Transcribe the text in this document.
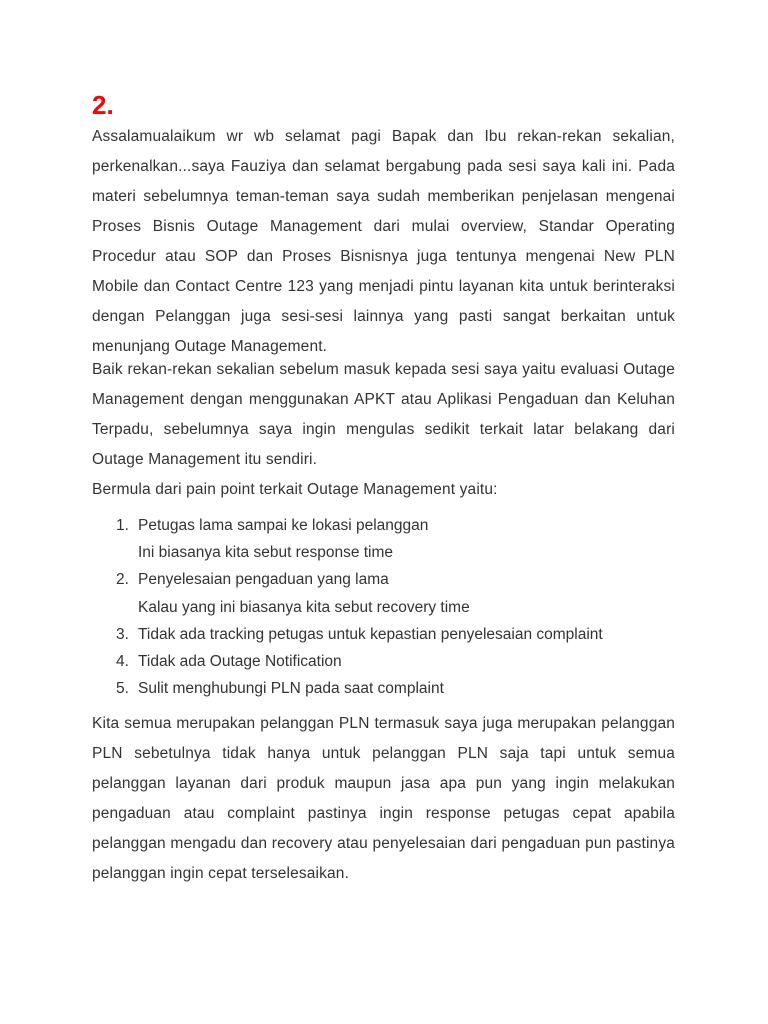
2.

Assalamualaikum wr wb selamat pagi Bapak dan Ibu rekan-rekan sekalian, perkenalkan...saya Fauziya dan selamat bergabung pada sesi saya kali ini. Pada materi sebelumnya teman-teman saya sudah memberikan penjelasan mengenai Proses Bisnis Outage Management dari mulai overview, Standar Operating Procedur atau SOP dan Proses Bisnisnya juga tentunya mengenai New PLN Mobile dan Contact Centre 123 yang menjadi pintu layanan kita untuk berinteraksi dengan Pelanggan juga sesi-sesi lainnya yang pasti sangat berkaitan untuk menunjang Outage Management.

Baik rekan-rekan sekalian sebelum masuk kepada sesi saya yaitu evaluasi Outage Management dengan menggunakan APKT atau Aplikasi Pengaduan dan Keluhan Terpadu, sebelumnya saya ingin mengulas sedikit terkait latar belakang dari Outage Management itu sendiri.

Bermula dari pain point terkait Outage Management yaitu:

1. Petugas lama sampai ke lokasi pelanggan
Ini biasanya kita sebut response time
2. Penyelesaian pengaduan yang lama
Kalau yang ini biasanya kita sebut recovery time
3. Tidak ada tracking petugas untuk kepastian penyelesaian complaint
4. Tidak ada Outage Notification
5. Sulit menghubungi PLN pada saat complaint

Kita semua merupakan pelanggan PLN termasuk saya juga merupakan pelanggan PLN sebetulnya tidak hanya untuk pelanggan PLN saja tapi untuk semua pelanggan layanan dari produk maupun jasa apa pun yang ingin melakukan pengaduan atau complaint pastinya ingin response petugas cepat apabila pelanggan mengadu dan recovery atau penyelesaian dari pengaduan pun pastinya pelanggan ingin cepat terselesaikan.
